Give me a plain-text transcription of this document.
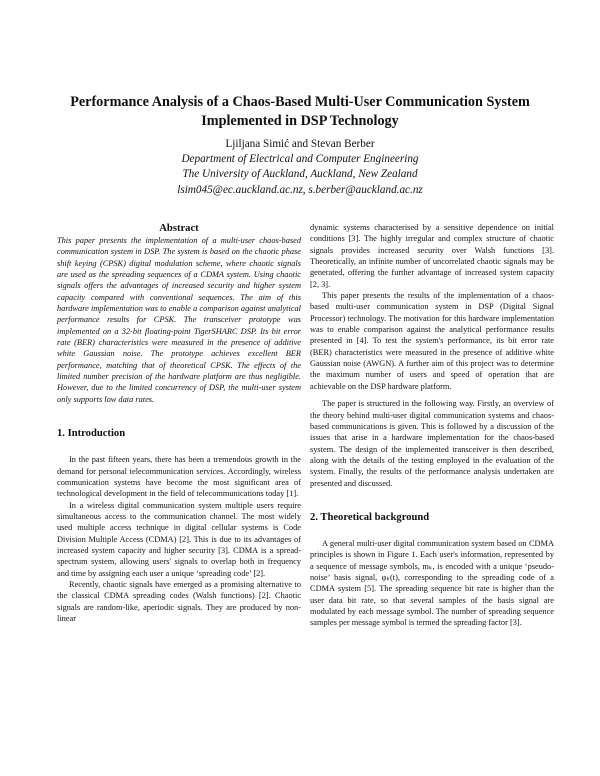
Performance Analysis of a Chaos-Based Multi-User Communication System
Implemented in DSP Technology
Ljiljana Simić and Stevan Berber
Department of Electrical and Computer Engineering
The University of Auckland, Auckland, New Zealand
lsim045@ec.auckland.ac.nz, s.berber@auckland.ac.nz
Abstract

This paper presents the implementation of a multi-user chaos-based communication system in DSP. The system is based on the chaotic phase shift keying (CPSK) digital modulation scheme, where chaotic signals are used as the spreading sequences of a CDMA system. Using chaotic signals offers the advantages of increased security and higher system capacity compared with conventional sequences. The aim of this hardware implementation was to enable a comparison against analytical performance results for CPSK. The transceiver prototype was implemented on a 32-bit floating-point TigerSHARC DSP. Its bit error rate (BER) characteristics were measured in the presence of additive white Gaussian noise. The prototype achieves excellent BER performance, matching that of theoretical CPSK. The effects of the limited number precision of the hardware platform are thus negligible. However, due to the limited concurrency of DSP, the multi-user system only supports low data rates.

1. Introduction

In the past fifteen years, there has been a tremendous growth in the demand for personal telecommunication services. Accordingly, wireless communication systems have become the most significant area of technological development in the field of telecommunications today [1].

In a wireless digital communication system multiple users require simultaneous access to the communication channel. The most widely used multiple access technique in digital cellular systems is Code Division Multiple Access (CDMA) [2]. This is due to its advantages of increased system capacity and higher security [3]. CDMA is a spread-spectrum system, allowing users' signals to overlap both in frequency and time by assigning each user a unique ‘spreading code’ [2].

Recently, chaotic signals have emerged as a promising alternative to the classical CDMA spreading codes (Walsh functions) [2]. Chaotic signals are random-like, aperiodic signals. They are produced by non-linear

dynamic systems characterised by a sensitive dependence on initial conditions [3]. The highly irregular and complex structure of chaotic signals provides increased security over Walsh functions [3]. Theoretically, an infinite number of uncorrelated chaotic signals may be generated, offering the further advantage of increased system capacity [2, 3].

This paper presents the results of the implementation of a chaos-based multi-user communication system in DSP (Digital Signal Processor) technology. The motivation for this hardware implementation was to enable comparison against the analytical performance results presented in [4]. To test the system's performance, its bit error rate (BER) characteristics were measured in the presence of additive white Gaussian noise (AWGN). A further aim of this project was to determine the maximum number of users and speed of operation that are achievable on the DSP hardware platform.

The paper is structured in the following way. Firstly, an overview of the theory behind multi-user digital communication systems and chaos-based communications is given. This is followed by a discussion of the issues that arise in a hardware implementation for the chaos-based system. The design of the implemented transceiver is then described, along with the details of the testing employed in the evaluation of the system. Finally, the results of the performance analysis undertaken are presented and discussed.

2. Theoretical background

A general multi-user digital communication system based on CDMA principles is shown in Figure 1. Each user's information, represented by a sequence of message symbols, mₖ, is encoded with a unique ‘pseudo-noise’ basis signal, φₖ(t), corresponding to the spreading code of a CDMA system [5]. The spreading sequence bit rate is higher than the user data bit rate, so that several samples of the basis signal are modulated by each message symbol. The number of spreading sequence samples per message symbol is termed the spreading factor [3].
